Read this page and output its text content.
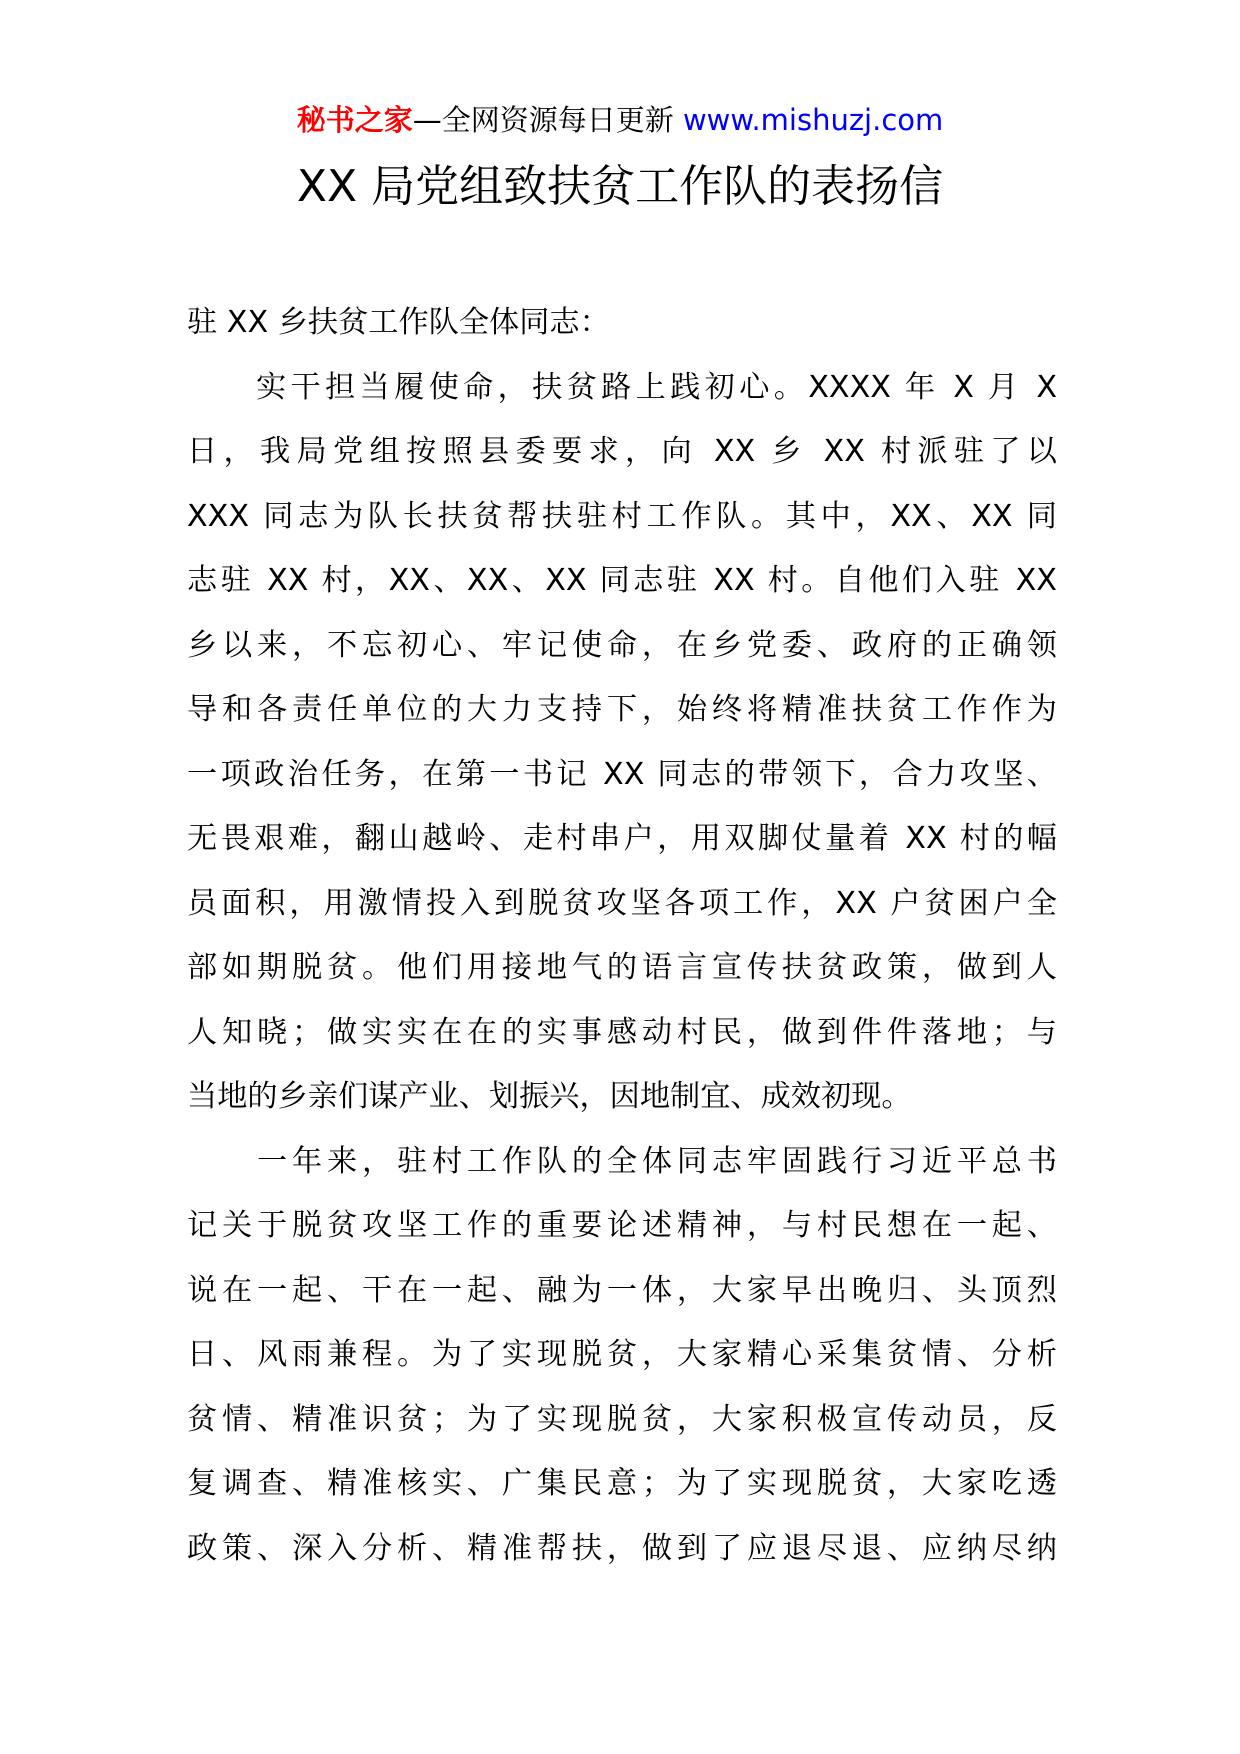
秘书之家—全网资源每日更新 www.mishuzj.com
XX 局党组致扶贫工作队的表扬信
驻 XX 乡扶贫工作队全体同志：

　　实干担当履使命，扶贫路上践初心。XXXX 年 X 月 X
日，我局党组按照县委要求，向 XX 乡 XX 村派驻了以
XXX 同志为队长扶贫帮扶驻村工作队。其中，XX、XX 同
志驻 XX 村，XX、XX、XX 同志驻 XX 村。自他们入驻 XX
乡以来，不忘初心、牢记使命，在乡党委、政府的正确领
导和各责任单位的大力支持下，始终将精准扶贫工作作为
一项政治任务，在第一书记 XX 同志的带领下，合力攻坚、
无畏艰难，翻山越岭、走村串户，用双脚仗量着 XX 村的幅
员面积，用激情投入到脱贫攻坚各项工作，XX 户贫困户全
部如期脱贫。他们用接地气的语言宣传扶贫政策，做到人
人知晓；做实实在在的实事感动村民，做到件件落地；与
当地的乡亲们谋产业、划振兴，因地制宜、成效初现。

　　一年来，驻村工作队的全体同志牢固践行习近平总书
记关于脱贫攻坚工作的重要论述精神，与村民想在一起、
说在一起、干在一起、融为一体，大家早出晚归、头顶烈
日、风雨兼程。为了实现脱贫，大家精心采集贫情、分析
贫情、精准识贫；为了实现脱贫，大家积极宣传动员，反
复调查、精准核实、广集民意；为了实现脱贫，大家吃透
政策、深入分析、精准帮扶，做到了应退尽退、应纳尽纳
